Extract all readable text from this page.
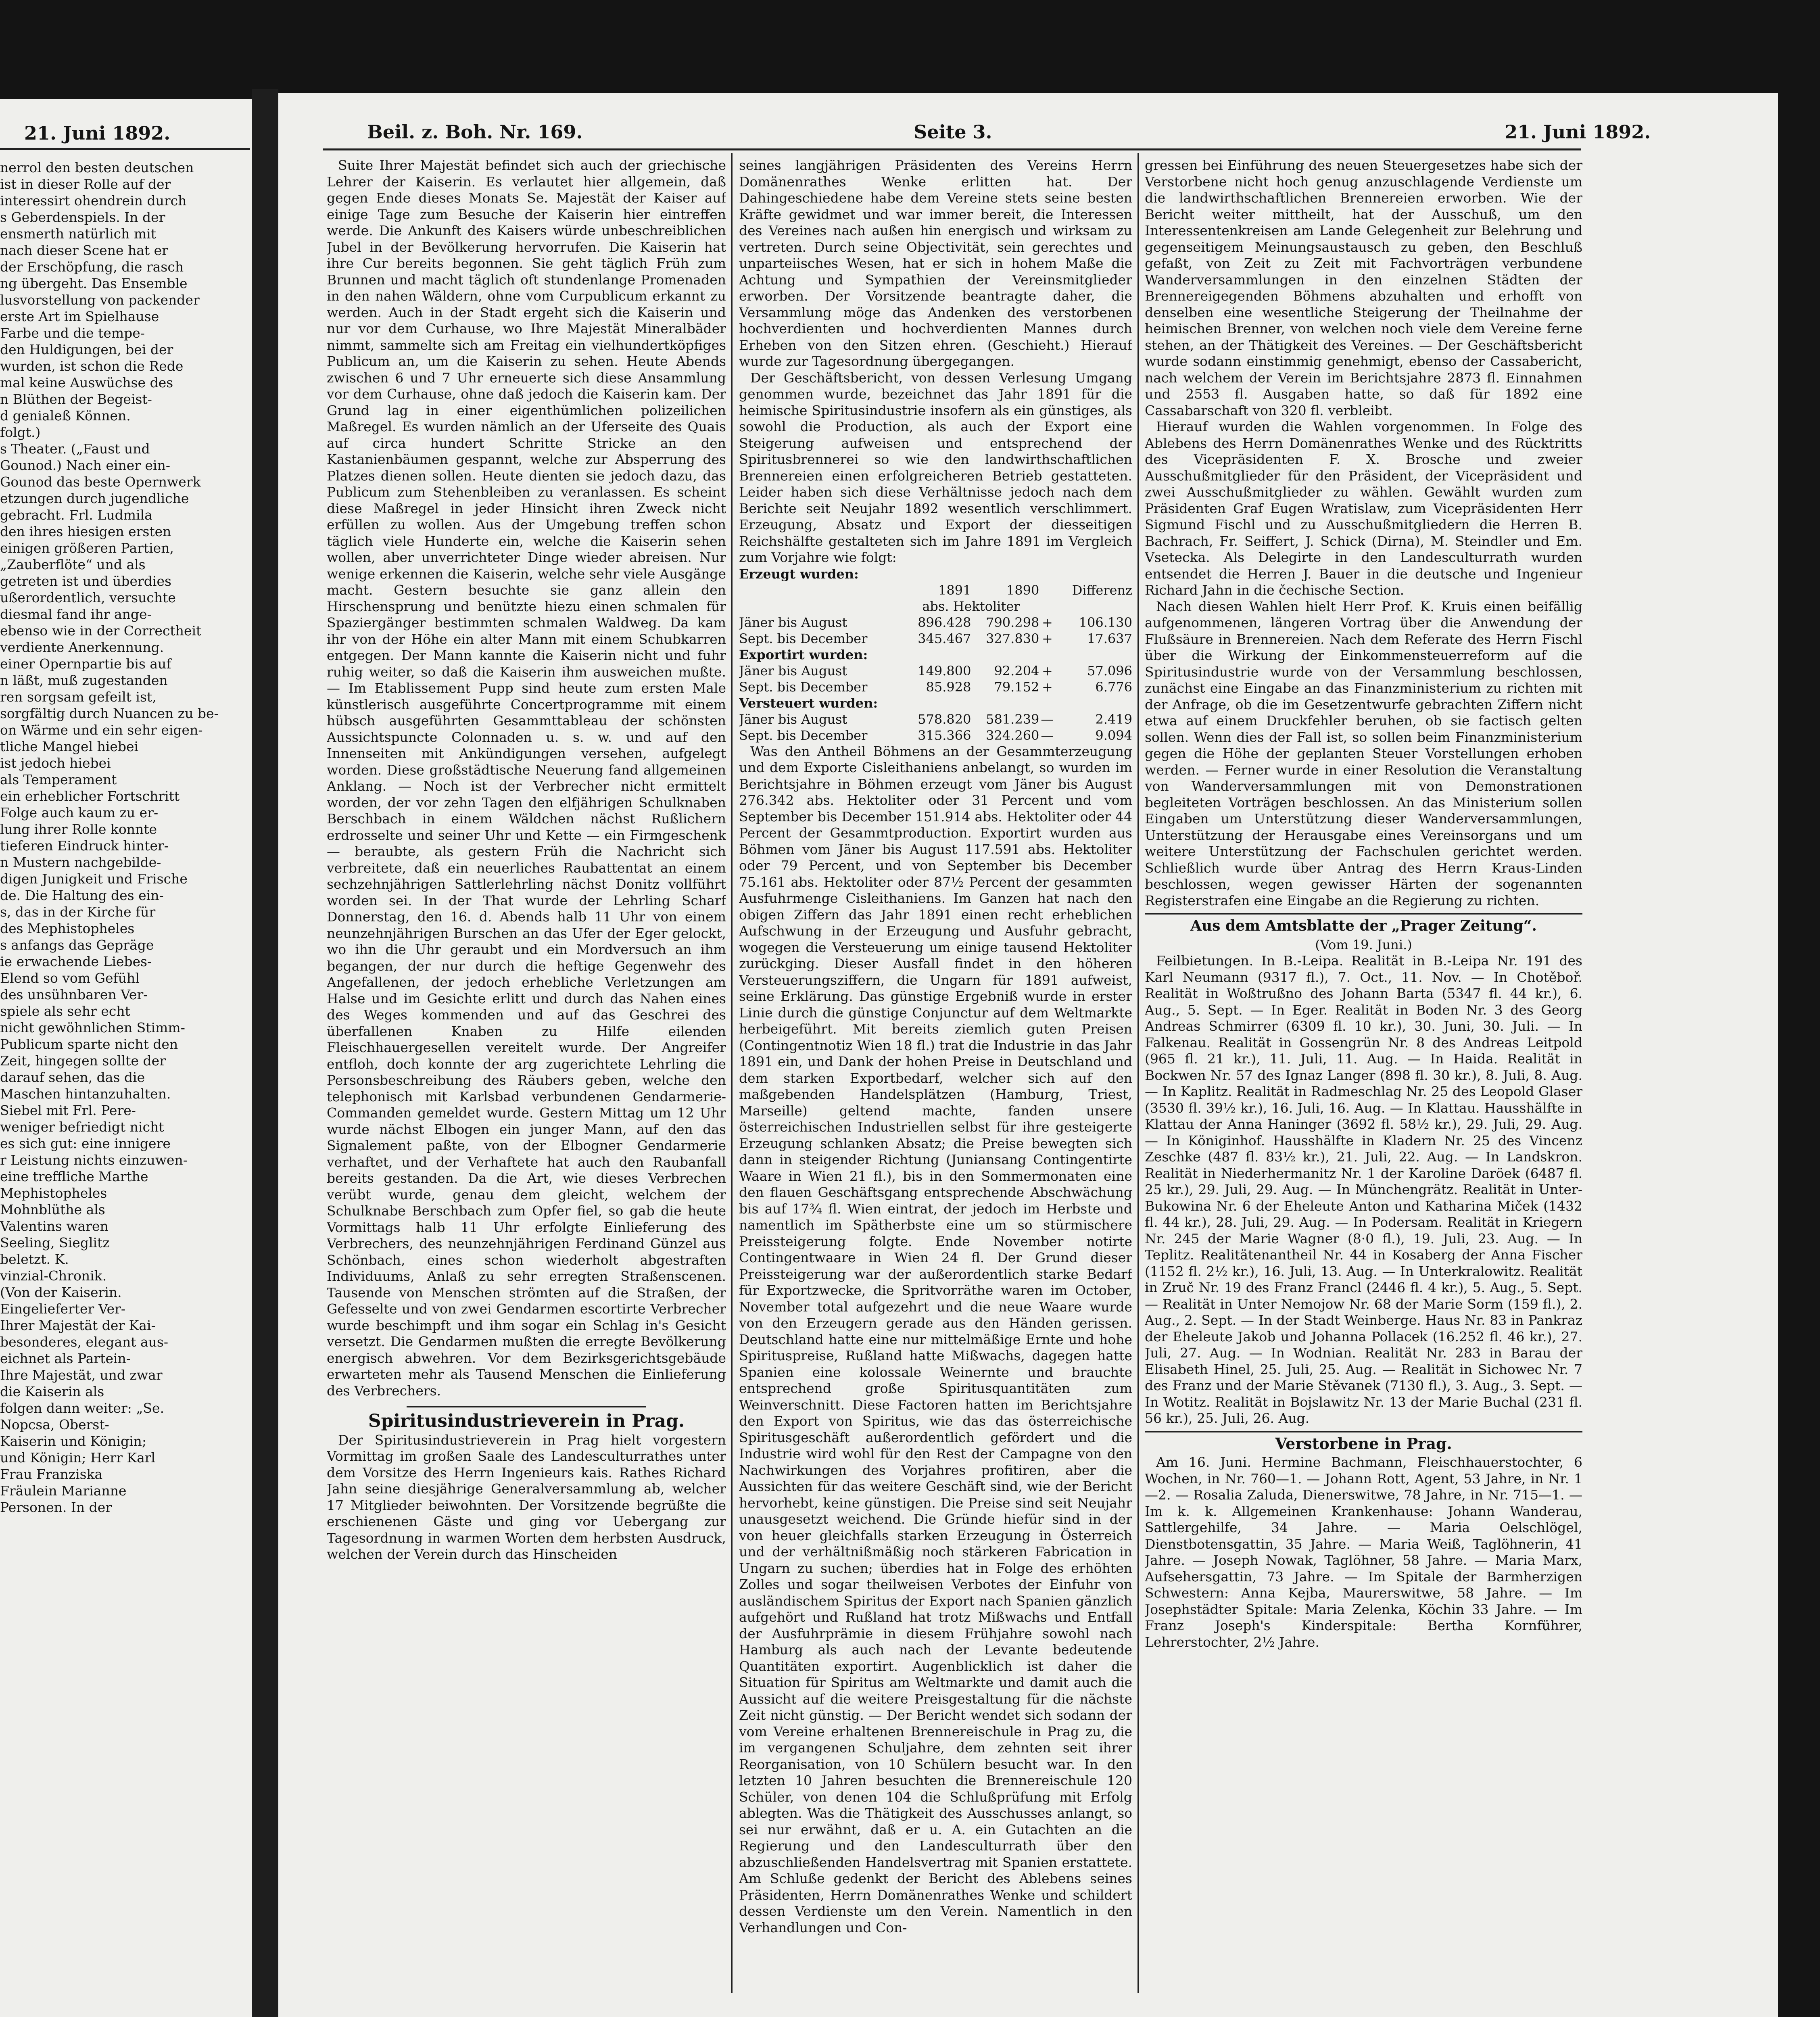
21. Juni 1892.
nerrol den besten deutschen
ist in dieser Rolle auf der
interessirt ohendrein durch
s Geberdenspiels. In der
ensmerth natürlich mit
nach dieser Scene hat er
der Erschöpfung, die rasch
ng übergeht. Das Ensemble
lusvorstellung von packender
erste Art im Spielhause
Farbe und die tempe-
den Huldigungen, bei der
wurden, ist schon die Rede
mal keine Auswüchse des
n Blüthen der Begeist-
d genialeß Können.
folgt.)
s Theater. („Faust und
Gounod.) Nach einer ein-
Gounod das beste Opernwerk
etzungen durch jugendliche
gebracht. Frl. Ludmila
den ihres hiesigen ersten
einigen größeren Partien,
„Zauberflöte“ und als
getreten ist und überdies
ußerordentlich, versuchte
diesmal fand ihr ange-
ebenso wie in der Correctheit
verdiente Anerkennung.
einer Opernpartie bis auf
n läßt, muß zugestanden
ren sorgsam gefeilt ist,
sorgfältig durch Nuancen zu be-
on Wärme und ein sehr eigen-
tliche Mangel hiebei
ist jedoch hiebei
als Temperament
ein erheblicher Fortschritt
Folge auch kaum zu er-
lung ihrer Rolle konnte
tieferen Eindruck hinter-
n Mustern nachgebilde-
digen Junigkeit und Frische
de. Die Haltung des ein-
s, das in der Kirche für
des Mephistopheles
s anfangs das Gepräge
ie erwachende Liebes-
Elend so vom Gefühl
des unsühnbaren Ver-
spiele als sehr echt
nicht gewöhnlichen Stimm-
Publicum sparte nicht den
Zeit, hingegen sollte der
darauf sehen, das die
Maschen hintanzuhalten.
Siebel mit Frl. Pere-
weniger befriedigt nicht
es sich gut: eine innigere
r Leistung nichts einzuwen-
eine treffliche Marthe
Mephistopheles
Mohnblüthe als
Valentins waren
Seeling, Sieglitz
beletzt. K.
vinzial-Chronik.
(Von der Kaiserin.
Eingelieferter Ver-
Ihrer Majestät der Kai-
besonderes, elegant aus-
eichnet als Partein-
Ihre Majestät, und zwar
die Kaiserin als
folgen dann weiter: „Se.
Nopcsa, Oberst-
Kaiserin und Königin;
und Königin; Herr Karl
Frau Franziska
Fräulein Marianne
Personen. In der
Beil. z. Boh. Nr. 169.	Seite 3.	21. Juni 1892.

Suite Ihrer Majestät befindet sich auch der griechische Lehrer der Kaiserin. Es verlautet hier allgemein, daß gegen Ende dieses Monats Se. Majestät der Kaiser auf einige Tage zum Besuche der Kaiserin hier eintreffen werde. Die Ankunft des Kaisers würde unbeschreiblichen Jubel in der Bevölkerung hervorrufen. Die Kaiserin hat ihre Cur bereits begonnen. Sie geht täglich Früh zum Brunnen und macht täglich oft stundenlange Promenaden in den nahen Wäldern, ohne vom Curpublicum erkannt zu werden. Auch in der Stadt ergeht sich die Kaiserin und nur vor dem Curhause, wo Ihre Majestät Mineralbäder nimmt, sammelte sich am Freitag ein vielhundertköpfiges Publicum an, um die Kaiserin zu sehen. Heute Abends zwischen 6 und 7 Uhr erneuerte sich diese Ansammlung vor dem Curhause, ohne daß jedoch die Kaiserin kam. Der Grund lag in einer eigenthümlichen polizeilichen Maßregel. Es wurden nämlich an der Uferseite des Quais auf circa hundert Schritte Stricke an den Kastanienbäumen gespannt, welche zur Absperrung des Platzes dienen sollen. Heute dienten sie jedoch dazu, das Publicum zum Stehenbleiben zu veranlassen. Es scheint diese Maßregel in jeder Hinsicht ihren Zweck nicht erfüllen zu wollen. Aus der Umgebung treffen schon täglich viele Hunderte ein, welche die Kaiserin sehen wollen, aber unverrichteter Dinge wieder abreisen. Nur wenige erkennen die Kaiserin, welche sehr viele Ausgänge macht. Gestern besuchte sie ganz allein den Hirschensprung und benützte hiezu einen schmalen für Spaziergänger bestimmten schmalen Waldweg. Da kam ihr von der Höhe ein alter Mann mit einem Schubkarren entgegen. Der Mann kannte die Kaiserin nicht und fuhr ruhig weiter, so daß die Kaiserin ihm ausweichen mußte. — Im Etablissement Pupp sind heute zum ersten Male künstlerisch ausgeführte Concertprogramme mit einem hübsch ausgeführten Gesammttableau der schönsten Aussichtspuncte Colonnaden u. s. w. und auf den Innenseiten mit Ankündigungen versehen, aufgelegt worden. Diese großstädtische Neuerung fand allgemeinen Anklang. — Noch ist der Verbrecher nicht ermittelt worden, der vor zehn Tagen den elfjährigen Schulknaben Berschbach in einem Wäldchen nächst Rußlichern erdrosselte und seiner Uhr und Kette — ein Firmgeschenk — beraubte, als gestern Früh die Nachricht sich verbreitete, daß ein neuerliches Raubattentat an einem sechzehnjährigen Sattlerlehrling nächst Donitz vollführt worden sei. In der That wurde der Lehrling Scharf Donnerstag, den 16. d. Abends halb 11 Uhr von einem neunzehnjährigen Burschen an das Ufer der Eger gelockt, wo ihn die Uhr geraubt und ein Mordversuch an ihm begangen, der nur durch die heftige Gegenwehr des Angefallenen, der jedoch erhebliche Verletzungen am Halse und im Gesichte erlitt und durch das Nahen eines des Weges kommenden und auf das Geschrei des überfallenen Knaben zu Hilfe eilenden Fleischhauergesellen vereitelt wurde. Der Angreifer entfloh, doch konnte der arg zugerichtete Lehrling die Personsbeschreibung des Räubers geben, welche den telephonisch mit Karlsbad verbundenen Gendarmerie-Commanden gemeldet wurde. Gestern Mittag um 12 Uhr wurde nächst Elbogen ein junger Mann, auf den das Signalement paßte, von der Elbogner Gendarmerie verhaftet, und der Verhaftete hat auch den Raubanfall bereits gestanden. Da die Art, wie dieses Verbrechen verübt wurde, genau dem gleicht, welchem der Schulknabe Berschbach zum Opfer fiel, so gab die heute Vormittags halb 11 Uhr erfolgte Einlieferung des Verbrechers, des neunzehnjährigen Ferdinand Günzel aus Schönbach, eines schon wiederholt abgestraften Individuums, Anlaß zu sehr erregten Straßenscenen. Tausende von Menschen strömten auf die Straßen, der Gefesselte und von zwei Gendarmen escortirte Verbrecher wurde beschimpft und ihm sogar ein Schlag in's Gesicht versetzt. Die Gendarmen mußten die erregte Bevölkerung energisch abwehren. Vor dem Bezirksgerichtsgebäude erwarteten mehr als Tausend Menschen die Einlieferung des Verbrechers.

Spiritusindustrieverein in Prag.

Der Spiritusindustrieverein in Prag hielt vorgestern Vormittag im großen Saale des Landesculturrathes unter dem Vorsitze des Herrn Ingenieurs kais. Rathes Richard Jahn seine diesjährige Generalversammlung ab, welcher 17 Mitglieder beiwohnten. Der Vorsitzende begrüßte die erschienenen Gäste und ging vor Uebergang zur Tagesordnung in warmen Worten dem herbsten Ausdruck, welchen der Verein durch das Hinscheiden

seines langjährigen Präsidenten des Vereins Herrn Domänenrathes Wenke erlitten hat. Der Dahingeschiedene habe dem Vereine stets seine besten Kräfte gewidmet und war immer bereit, die Interessen des Vereines nach außen hin energisch und wirksam zu vertreten. Durch seine Objectivität, sein gerechtes und unparteiisches Wesen, hat er sich in hohem Maße die Achtung und Sympathien der Vereinsmitglieder erworben. Der Vorsitzende beantragte daher, die Versammlung möge das Andenken des verstorbenen hochverdienten und hochverdienten Mannes durch Erheben von den Sitzen ehren. (Geschieht.) Hierauf wurde zur Tagesordnung übergegangen.

Der Geschäftsbericht, von dessen Verlesung Umgang genommen wurde, bezeichnet das Jahr 1891 für die heimische Spiritusindustrie insofern als ein günstiges, als sowohl die Production, als auch der Export eine Steigerung aufweisen und entsprechend der Spiritusbrennerei so wie den landwirthschaftlichen Brennereien einen erfolgreicheren Betrieb gestatteten. Leider haben sich diese Verhältnisse jedoch nach dem Berichte seit Neujahr 1892 wesentlich verschlimmert. Erzeugung, Absatz und Export der diesseitigen Reichshälfte gestalteten sich im Jahre 1891 im Vergleich zum Vorjahre wie folgt:

Erzeugt wurden:				
	1891	1890		Differenz
	abs. Hektoliter			
Jäner bis August	896.428	790.298	+	106.130
Sept. bis December	345.467	327.830	+	17.637
Exportirt wurden:				
Jäner bis August	149.800	92.204	+	57.096
Sept. bis December	85.928	79.152	+	6.776
Versteuert wurden:				
Jäner bis August	578.820	581.239	—	2.419
Sept. bis December	315.366	324.260	—	9.094

Was den Antheil Böhmens an der Gesammterzeugung und dem Exporte Cisleithaniens anbelangt, so wurden im Berichtsjahre in Böhmen erzeugt vom Jäner bis August 276.342 abs. Hektoliter oder 31 Percent und vom September bis December 151.914 abs. Hektoliter oder 44 Percent der Gesammtproduction. Exportirt wurden aus Böhmen vom Jäner bis August 117.591 abs. Hektoliter oder 79 Percent, und von September bis December 75.161 abs. Hektoliter oder 87½ Percent der gesammten Ausfuhrmenge Cisleithaniens. Im Ganzen hat nach den obigen Ziffern das Jahr 1891 einen recht erheblichen Aufschwung in der Erzeugung und Ausfuhr gebracht, wogegen die Versteuerung um einige tausend Hektoliter zurückging. Dieser Ausfall findet in den höheren Versteuerungsziffern, die Ungarn für 1891 aufweist, seine Erklärung. Das günstige Ergebniß wurde in erster Linie durch die günstige Conjunctur auf dem Weltmarkte herbeigeführt. Mit bereits ziemlich guten Preisen (Contingentnotiz Wien 18 fl.) trat die Industrie in das Jahr 1891 ein, und Dank der hohen Preise in Deutschland und dem starken Exportbedarf, welcher sich auf den maßgebenden Handelsplätzen (Hamburg, Triest, Marseille) geltend machte, fanden unsere österreichischen Industriellen selbst für ihre gesteigerte Erzeugung schlanken Absatz; die Preise bewegten sich dann in steigender Richtung (Juniansang Contingentirte Waare in Wien 21 fl.), bis in den Sommermonaten eine den flauen Geschäftsgang entsprechende Abschwächung bis auf 17¾ fl. Wien eintrat, der jedoch im Herbste und namentlich im Spätherbste eine um so stürmischere Preissteigerung folgte. Ende November notirte Contingentwaare in Wien 24 fl. Der Grund dieser Preissteigerung war der außerordentlich starke Bedarf für Exportzwecke, die Spritvorräthe waren im October, November total aufgezehrt und die neue Waare wurde von den Erzeugern gerade aus den Händen gerissen. Deutschland hatte eine nur mittelmäßige Ernte und hohe Spirituspreise, Rußland hatte Mißwachs, dagegen hatte Spanien eine kolossale Weinernte und brauchte entsprechend große Spiritusquantitäten zum Weinverschnitt. Diese Factoren hatten im Berichtsjahre den Export von Spiritus, wie das das österreichische Spiritusgeschäft außerordentlich gefördert und die Industrie wird wohl für den Rest der Campagne von den Nachwirkungen des Vorjahres profitiren, aber die Aussichten für das weitere Geschäft sind, wie der Bericht hervorhebt, keine günstigen. Die Preise sind seit Neujahr unausgesetzt weichend. Die Gründe hiefür sind in der von heuer gleichfalls starken Erzeugung in Österreich und der verhältnißmäßig noch stärkeren Fabrication in Ungarn zu suchen; überdies hat in Folge des erhöhten Zolles und sogar theilweisen Verbotes der Einfuhr von ausländischem Spiritus der Export nach Spanien gänzlich aufgehört und Rußland hat trotz Mißwachs und Entfall der Ausfuhrprämie in diesem Frühjahre sowohl nach Hamburg als auch nach der Levante bedeutende Quantitäten exportirt. Augenblicklich ist daher die Situation für Spiritus am Weltmarkte und damit auch die Aussicht auf die weitere Preisgestaltung für die nächste Zeit nicht günstig. — Der Bericht wendet sich sodann der vom Vereine erhaltenen Brennereischule in Prag zu, die im vergangenen Schuljahre, dem zehnten seit ihrer Reorganisation, von 10 Schülern besucht war. In den letzten 10 Jahren besuchten die Brennereischule 120 Schüler, von denen 104 die Schlußprüfung mit Erfolg ablegten. Was die Thätigkeit des Ausschusses anlangt, so sei nur erwähnt, daß er u. A. ein Gutachten an die Regierung und den Landesculturrath über den abzuschließenden Handelsvertrag mit Spanien erstattete. Am Schluße gedenkt der Bericht des Ablebens seines Präsidenten, Herrn Domänenrathes Wenke und schildert dessen Verdienste um den Verein. Namentlich in den Verhandlungen und Con-

gressen bei Einführung des neuen Steuergesetzes habe sich der Verstorbene nicht hoch genug anzuschlagende Verdienste um die landwirthschaftlichen Brennereien erworben. Wie der Bericht weiter mittheilt, hat der Ausschuß, um den Interessentenkreisen am Lande Gelegenheit zur Belehrung und gegenseitigem Meinungsaustausch zu geben, den Beschluß gefaßt, von Zeit zu Zeit mit Fachvorträgen verbundene Wanderversammlungen in den einzelnen Städten der Brennereigegenden Böhmens abzuhalten und erhofft von denselben eine wesentliche Steigerung der Theilnahme der heimischen Brenner, von welchen noch viele dem Vereine ferne stehen, an der Thätigkeit des Vereines. — Der Geschäftsbericht wurde sodann einstimmig genehmigt, ebenso der Cassabericht, nach welchem der Verein im Berichtsjahre 2873 fl. Einnahmen und 2553 fl. Ausgaben hatte, so daß für 1892 eine Cassabarschaft von 320 fl. verbleibt.

Hierauf wurden die Wahlen vorgenommen. In Folge des Ablebens des Herrn Domänenrathes Wenke und des Rücktritts des Vicepräsidenten F. X. Brosche und zweier Ausschußmitglieder für den Präsident, der Vicepräsident und zwei Ausschußmitglieder zu wählen. Gewählt wurden zum Präsidenten Graf Eugen Wratislaw, zum Vicepräsidenten Herr Sigmund Fischl und zu Ausschußmitgliedern die Herren B. Bachrach, Fr. Seiffert, J. Schick (Dirna), M. Steindler und Em. Vsetecka. Als Delegirte in den Landesculturrath wurden entsendet die Herren J. Bauer in die deutsche und Ingenieur Richard Jahn in die čechische Section.

Nach diesen Wahlen hielt Herr Prof. K. Kruis einen beifällig aufgenommenen, längeren Vortrag über die Anwendung der Flußsäure in Brennereien. Nach dem Referate des Herrn Fischl über die Wirkung der Einkommensteuerreform auf die Spiritusindustrie wurde von der Versammlung beschlossen, zunächst eine Eingabe an das Finanzministerium zu richten mit der Anfrage, ob die im Gesetzentwurfe gebrachten Ziffern nicht etwa auf einem Druckfehler beruhen, ob sie factisch gelten sollen. Wenn dies der Fall ist, so sollen beim Finanzministerium gegen die Höhe der geplanten Steuer Vorstellungen erhoben werden. — Ferner wurde in einer Resolution die Veranstaltung von Wanderversammlungen mit von Demonstrationen begleiteten Vorträgen beschlossen. An das Ministerium sollen Eingaben um Unterstützung dieser Wanderversammlungen, Unterstützung der Herausgabe eines Vereinsorgans und um weitere Unterstützung der Fachschulen gerichtet werden. Schließlich wurde über Antrag des Herrn Kraus-Linden beschlossen, wegen gewisser Härten der sogenannten Registerstrafen eine Eingabe an die Regierung zu richten.

Aus dem Amtsblatte der „Prager Zeitung“.
(Vom 19. Juni.)

Feilbietungen. In B.-Leipa. Realität in B.-Leipa Nr. 191 des Karl Neumann (9317 fl.), 7. Oct., 11. Nov. — In Chotěboř. Realität in Woßtrußno des Johann Barta (5347 fl. 44 kr.), 6. Aug., 5. Sept. — In Eger. Realität in Boden Nr. 3 des Georg Andreas Schmirrer (6309 fl. 10 kr.), 30. Juni, 30. Juli. — In Falkenau. Realität in Gossengrün Nr. 8 des Andreas Leitpold (965 fl. 21 kr.), 11. Juli, 11. Aug. — In Haida. Realität in Bockwen Nr. 57 des Ignaz Langer (898 fl. 30 kr.), 8. Juli, 8. Aug. — In Kaplitz. Realität in Radmeschlag Nr. 25 des Leopold Glaser (3530 fl. 39½ kr.), 16. Juli, 16. Aug. — In Klattau. Hausshälfte in Klattau der Anna Haninger (3692 fl. 58½ kr.), 29. Juli, 29. Aug. — In Königinhof. Hausshälfte in Kladern Nr. 25 des Vincenz Zeschke (487 fl. 83½ kr.), 21. Juli, 22. Aug. — In Landskron. Realität in Niederhermanitz Nr. 1 der Karoline Daröek (6487 fl. 25 kr.), 29. Juli, 29. Aug. — In Münchengrätz. Realität in Unter-Bukowina Nr. 6 der Eheleute Anton und Katharina Miček (1432 fl. 44 kr.), 28. Juli, 29. Aug. — In Podersam. Realität in Kriegern Nr. 245 der Marie Wagner (8·0 fl.), 19. Juli, 23. Aug. — In Teplitz. Realitätenantheil Nr. 44 in Kosaberg der Anna Fischer (1152 fl. 2½ kr.), 16. Juli, 13. Aug. — In Unterkralowitz. Realität in Zruč Nr. 19 des Franz Francl (2446 fl. 4 kr.), 5. Aug., 5. Sept. — Realität in Unter Nemojow Nr. 68 der Marie Sorm (159 fl.), 2. Aug., 2. Sept. — In der Stadt Weinberge. Haus Nr. 83 in Pankraz der Eheleute Jakob und Johanna Pollacek (16.252 fl. 46 kr.), 27. Juli, 27. Aug. — In Wodnian. Realität Nr. 283 in Barau der Elisabeth Hinel, 25. Juli, 25. Aug. — Realität in Sichowec Nr. 7 des Franz und der Marie Stěvanek (7130 fl.), 3. Aug., 3. Sept. — In Wotitz. Realität in Bojslawitz Nr. 13 der Marie Buchal (231 fl. 56 kr.), 25. Juli, 26. Aug.

Verstorbene in Prag.

Am 16. Juni. Hermine Bachmann, Fleischhauerstochter, 6 Wochen, in Nr. 760—1. — Johann Rott, Agent, 53 Jahre, in Nr. 1—2. — Rosalia Zaluda, Dienerswitwe, 78 Jahre, in Nr. 715—1. — Im k. k. Allgemeinen Krankenhause: Johann Wanderau, Sattlergehilfe, 34 Jahre. — Maria Oelschlögel, Dienstbotensgattin, 35 Jahre. — Maria Weiß, Taglöhnerin, 41 Jahre. — Joseph Nowak, Taglöhner, 58 Jahre. — Maria Marx, Aufsehersgattin, 73 Jahre. — Im Spitale der Barmherzigen Schwestern: Anna Kejba, Maurerswitwe, 58 Jahre. — Im Josephstädter Spitale: Maria Zelenka, Köchin 33 Jahre. — Im Franz Joseph's Kinderspitale: Bertha Kornführer, Lehrerstochter, 2½ Jahre.
